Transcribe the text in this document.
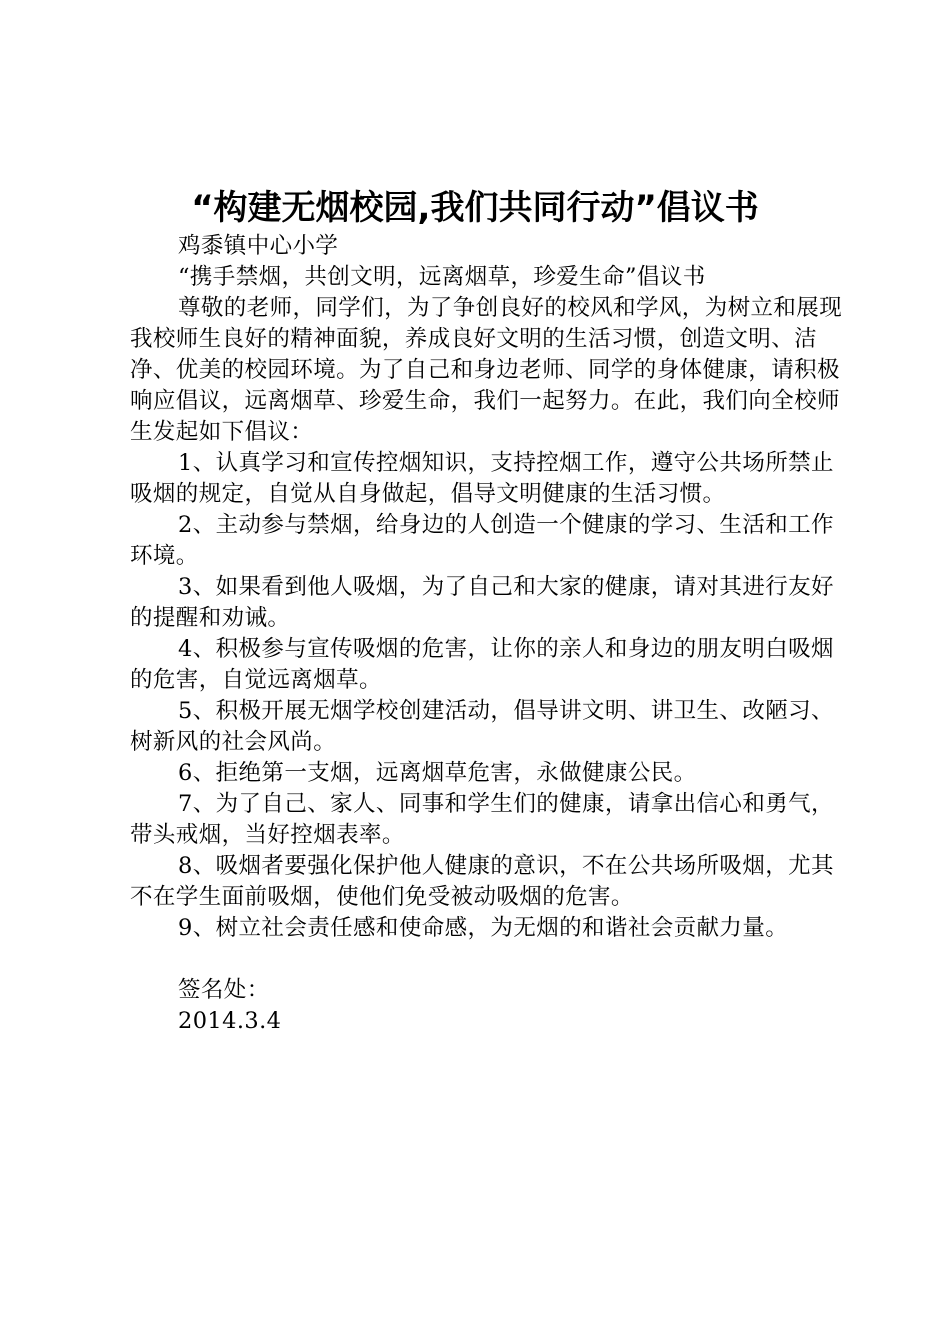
“构建无烟校园,我们共同行动”倡议书

鸡黍镇中心小学

“携手禁烟，共创文明，远离烟草，珍爱生命”倡议书

尊敬的老师，同学们，为了争创良好的校风和学风，为树立和展现我校师生良好的精神面貌，养成良好文明的生活习惯，创造文明、洁净、优美的校园环境。为了自己和身边老师、同学的身体健康，请积极响应倡议，远离烟草、珍爱生命，我们一起努力。在此，我们向全校师生发起如下倡议：

1、认真学习和宣传控烟知识，支持控烟工作，遵守公共场所禁止吸烟的规定，自觉从自身做起，倡导文明健康的生活习惯。

2、主动参与禁烟，给身边的人创造一个健康的学习、生活和工作环境。

3、如果看到他人吸烟，为了自己和大家的健康，请对其进行友好的提醒和劝诫。

4、积极参与宣传吸烟的危害，让你的亲人和身边的朋友明白吸烟的危害，自觉远离烟草。

5、积极开展无烟学校创建活动，倡导讲文明、讲卫生、改陋习、树新风的社会风尚。

6、拒绝第一支烟，远离烟草危害，永做健康公民。

7、为了自己、家人、同事和学生们的健康，请拿出信心和勇气，带头戒烟，当好控烟表率。

8、吸烟者要强化保护他人健康的意识，不在公共场所吸烟，尤其不在学生面前吸烟，使他们免受被动吸烟的危害。

9、树立社会责任感和使命感，为无烟的和谐社会贡献力量。

签名处：

2014.3.4
